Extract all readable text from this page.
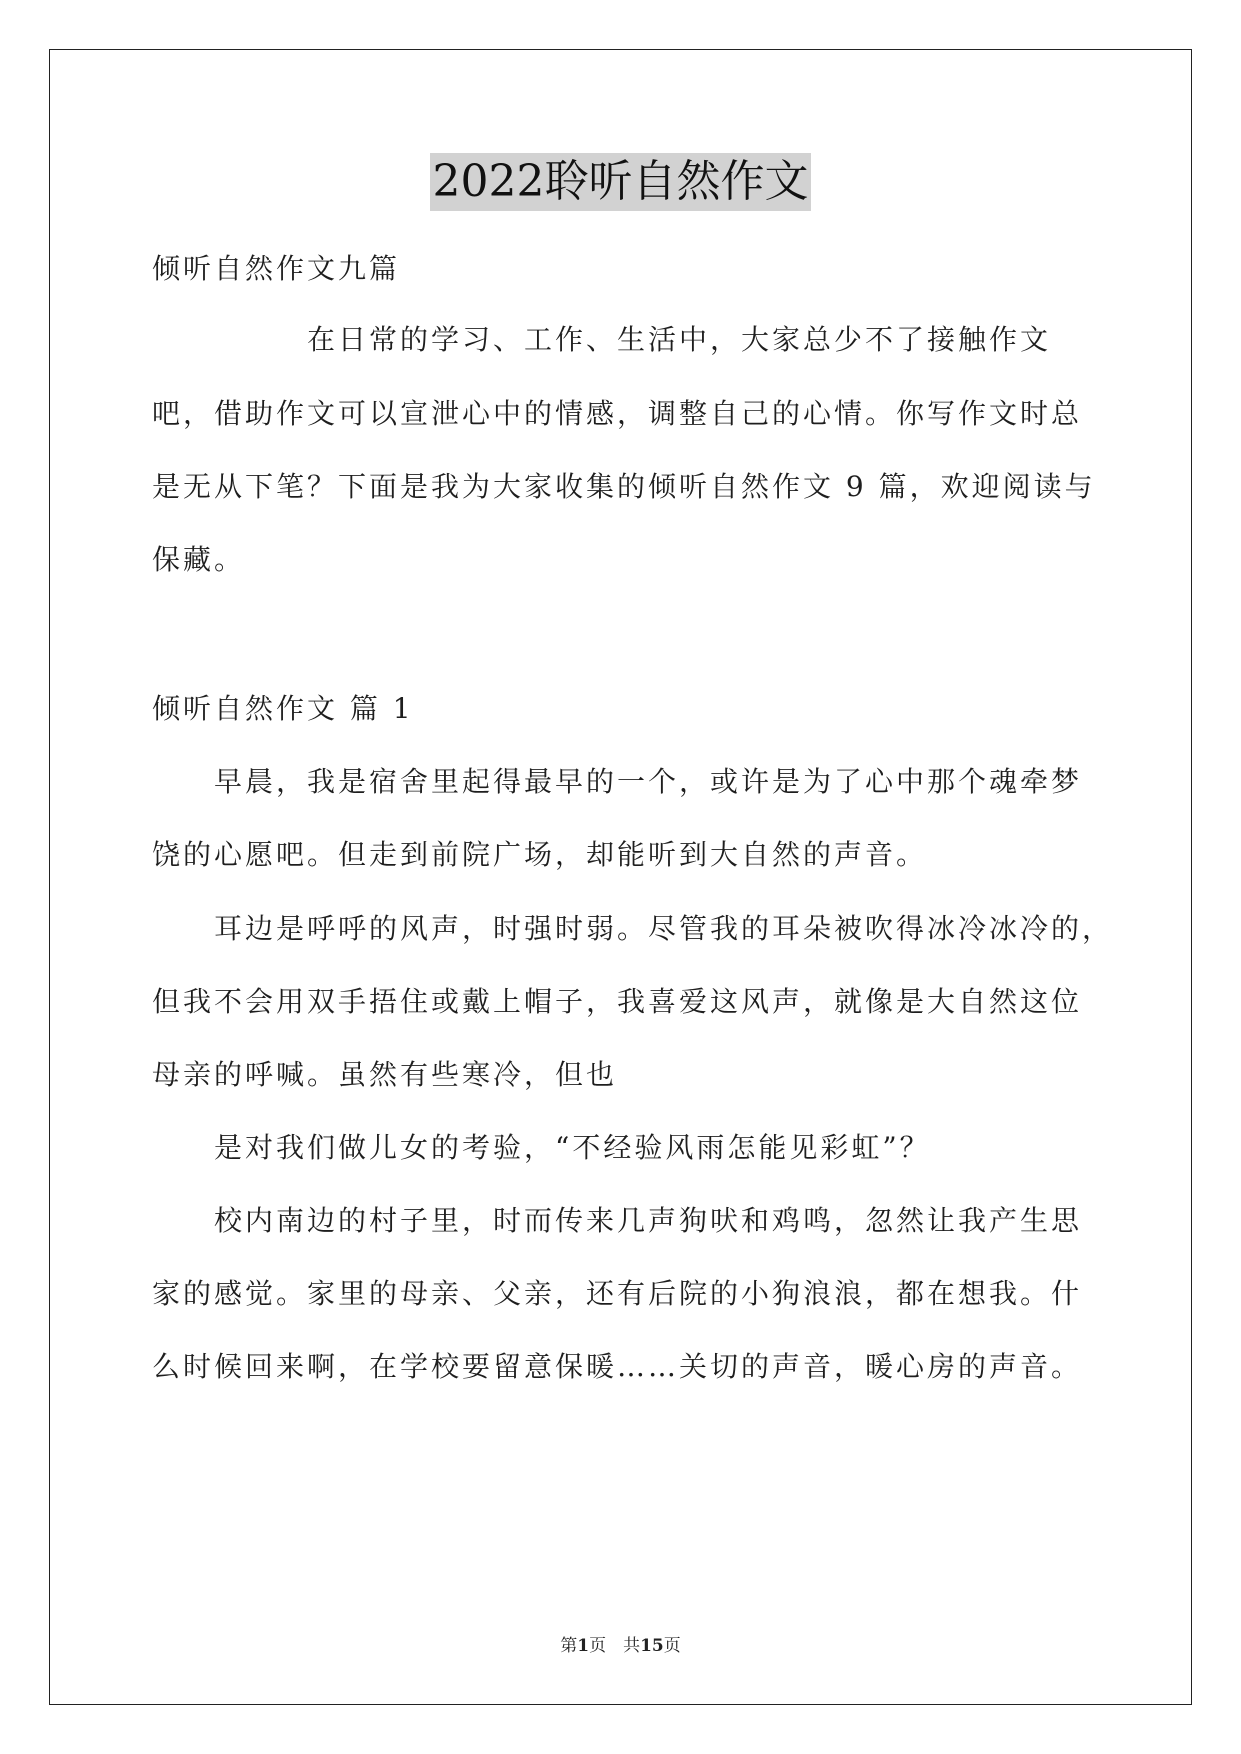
2022聆听自然作文
倾听自然作文九篇
　　　　　在日常的学习、工作、生活中，大家总少不了接触作文
吧，借助作文可以宣泄心中的情感，调整自己的心情。你写作文时总
是无从下笔？下面是我为大家收集的倾听自然作文 9 篇，欢迎阅读与
保藏。
倾听自然作文 篇 1
　　早晨，我是宿舍里起得最早的一个，或许是为了心中那个魂牵梦
饶的心愿吧。但走到前院广场，却能听到大自然的声音。
　　耳边是呼呼的风声，时强时弱。尽管我的耳朵被吹得冰冷冰冷的，
但我不会用双手捂住或戴上帽子，我喜爱这风声，就像是大自然这位
母亲的呼喊。虽然有些寒冷，但也
　　是对我们做儿女的考验，“不经验风雨怎能见彩虹”？
　　校内南边的村子里，时而传来几声狗吠和鸡鸣，忽然让我产生思
家的感觉。家里的母亲、父亲，还有后院的小狗浪浪，都在想我。什
么时候回来啊，在学校要留意保暖……关切的声音，暖心房的声音。
第1页　共15页
